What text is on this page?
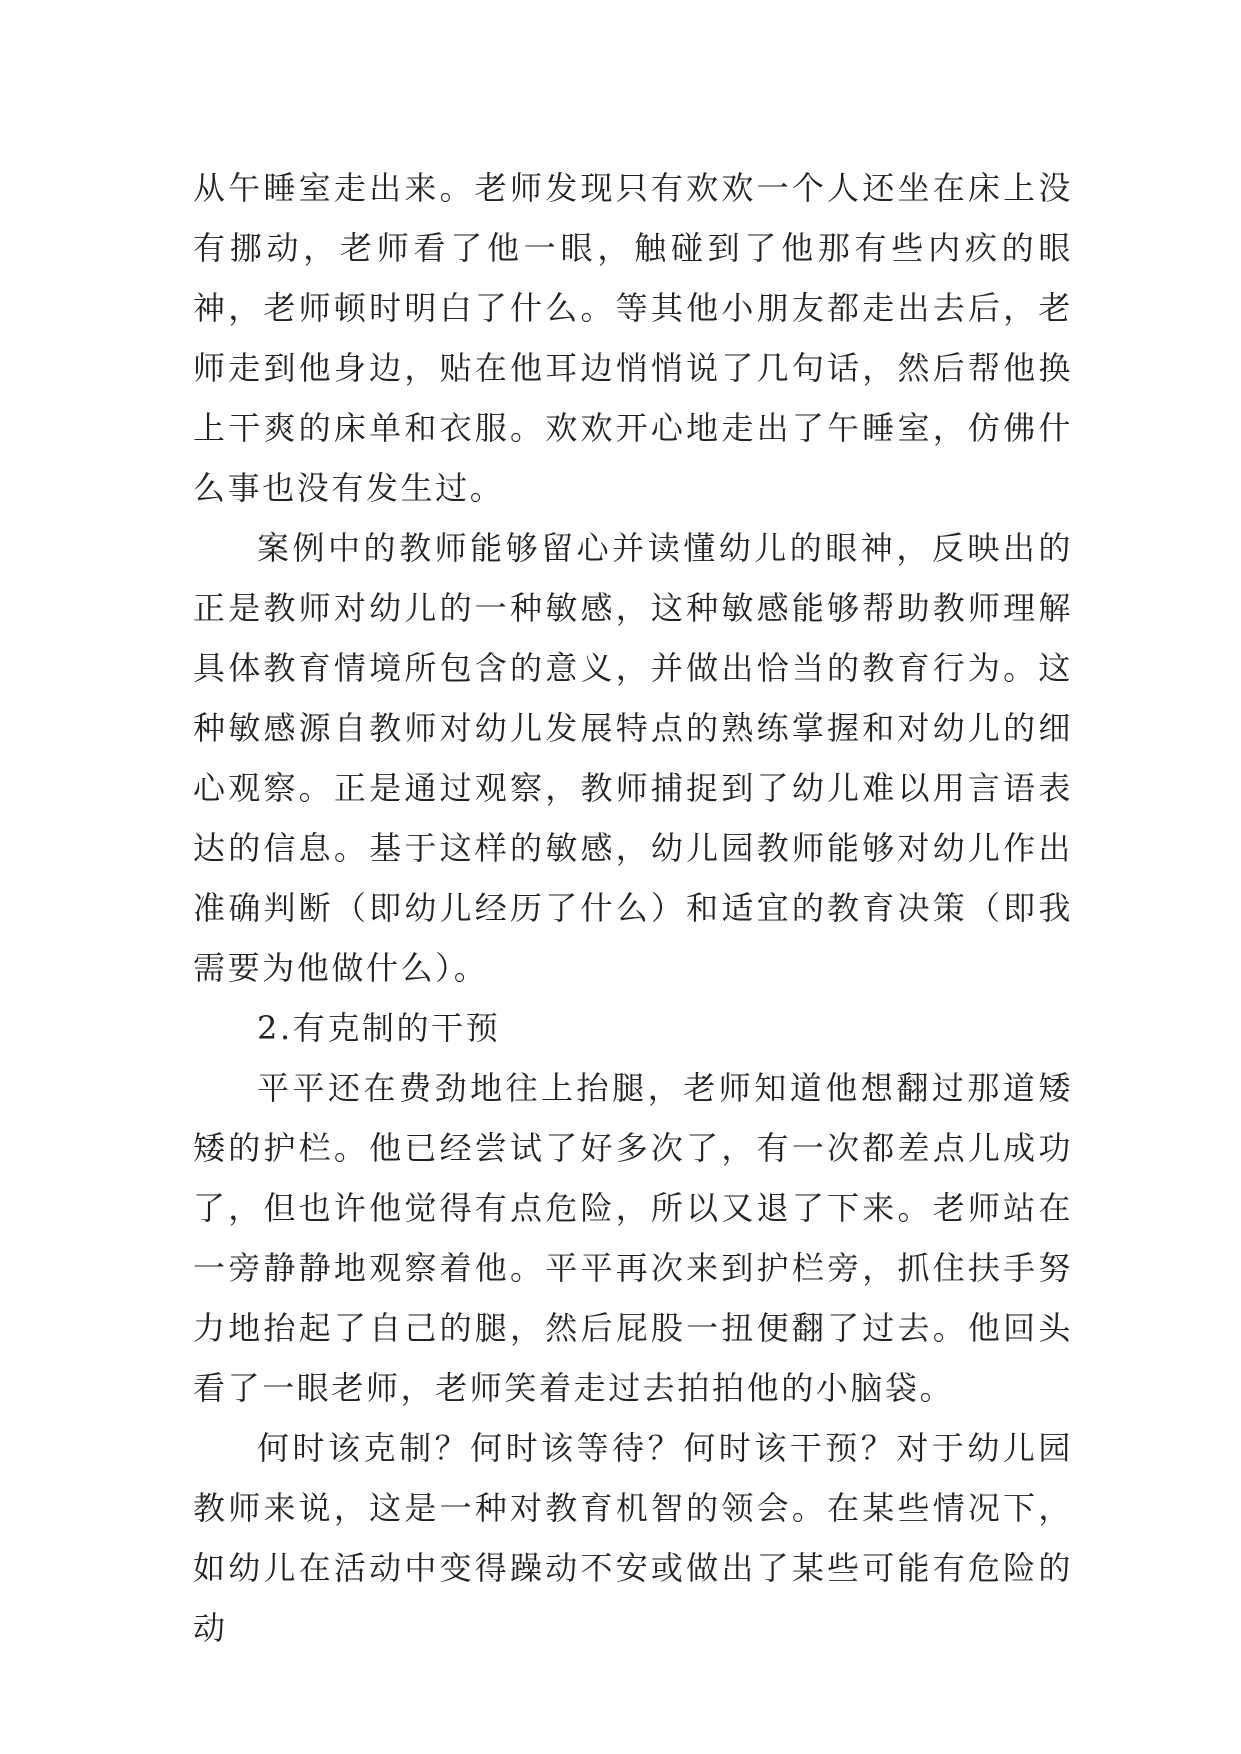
从午睡室走出来。老师发现只有欢欢一个人还坐在床上没有挪动，老师看了他一眼，触碰到了他那有些内疚的眼神，老师顿时明白了什么。等其他小朋友都走出去后，老师走到他身边，贴在他耳边悄悄说了几句话，然后帮他换上干爽的床单和衣服。欢欢开心地走出了午睡室，仿佛什么事也没有发生过。

案例中的教师能够留心并读懂幼儿的眼神，反映出的正是教师对幼儿的一种敏感，这种敏感能够帮助教师理解具体教育情境所包含的意义，并做出恰当的教育行为。这种敏感源自教师对幼儿发展特点的熟练掌握和对幼儿的细心观察。正是通过观察，教师捕捉到了幼儿难以用言语表达的信息。基于这样的敏感，幼儿园教师能够对幼儿作出准确判断（即幼儿经历了什么）和适宜的教育决策（即我需要为他做什么）。

2.有克制的干预

平平还在费劲地往上抬腿，老师知道他想翻过那道矮矮的护栏。他已经尝试了好多次了，有一次都差点儿成功了，但也许他觉得有点危险，所以又退了下来。老师站在一旁静静地观察着他。平平再次来到护栏旁，抓住扶手努力地抬起了自己的腿，然后屁股一扭便翻了过去。他回头看了一眼老师，老师笑着走过去拍拍他的小脑袋。

何时该克制？何时该等待？何时该干预？对于幼儿园教师来说，这是一种对教育机智的领会。在某些情况下，如幼儿在活动中变得躁动不安或做出了某些可能有危险的动
